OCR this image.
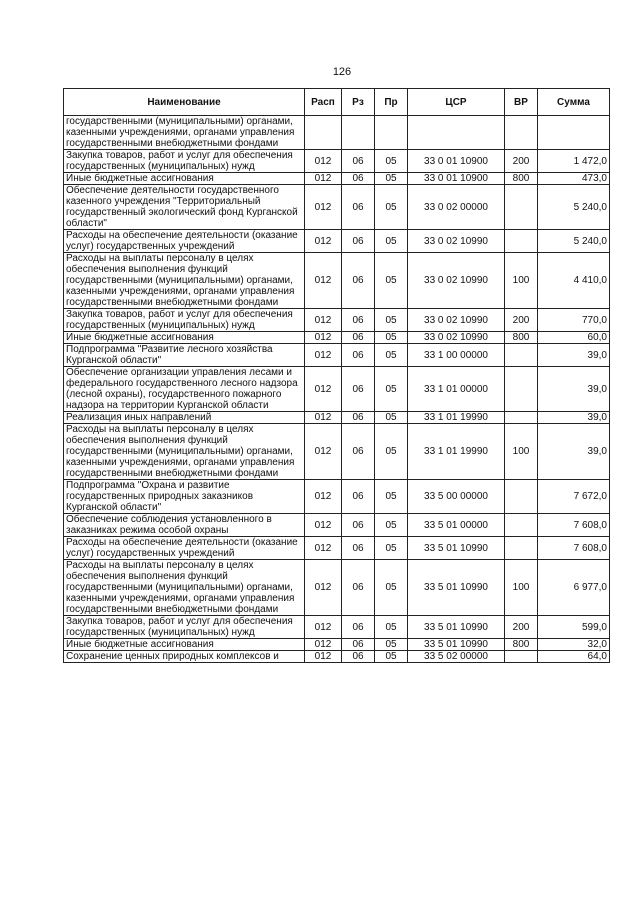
126
Наименование	Расп	Рз	Пр	ЦСР	ВР	Сумма
государственными (муниципальными) органами, казенными учреждениями, органами управления государственными внебюджетными фондами						
Закупка товаров, работ и услуг для обеспечения государственных (муниципальных) нужд	012	06	05	33 0 01 10900	200	1 472,0
Иные бюджетные ассигнования	012	06	05	33 0 01 10900	800	473,0
Обеспечение деятельности государственного казенного учреждения "Территориальный государственный экологический фонд Курганской области"	012	06	05	33 0 02 00000		5 240,0
Расходы на обеспечение деятельности (оказание услуг) государственных учреждений	012	06	05	33 0 02 10990		5 240,0
Расходы на выплаты персоналу в целях обеспечения выполнения функций государственными (муниципальными) органами, казенными учреждениями, органами управления государственными внебюджетными фондами	012	06	05	33 0 02 10990	100	4 410,0
Закупка товаров, работ и услуг для обеспечения государственных (муниципальных) нужд	012	06	05	33 0 02 10990	200	770,0
Иные бюджетные ассигнования	012	06	05	33 0 02 10990	800	60,0
Подпрограмма "Развитие лесного хозяйства Курганской области"	012	06	05	33 1 00 00000		39,0
Обеспечение организации управления лесами и федерального государственного лесного надзора (лесной охраны), государственного пожарного надзора на территории Курганской области	012	06	05	33 1 01 00000		39,0
Реализация иных направлений	012	06	05	33 1 01 19990		39,0
Расходы на выплаты персоналу в целях обеспечения выполнения функций государственными (муниципальными) органами, казенными учреждениями, органами управления государственными внебюджетными фондами	012	06	05	33 1 01 19990	100	39,0
Подпрограмма "Охрана и развитие государственных природных заказников Курганской области"	012	06	05	33 5 00 00000		7 672,0
Обеспечение соблюдения установленного в заказниках режима особой охраны	012	06	05	33 5 01 00000		7 608,0
Расходы на обеспечение деятельности (оказание услуг) государственных учреждений	012	06	05	33 5 01 10990		7 608,0
Расходы на выплаты персоналу в целях обеспечения выполнения функций государственными (муниципальными) органами, казенными учреждениями, органами управления государственными внебюджетными фондами	012	06	05	33 5 01 10990	100	6 977,0
Закупка товаров, работ и услуг для обеспечения государственных (муниципальных) нужд	012	06	05	33 5 01 10990	200	599,0
Иные бюджетные ассигнования	012	06	05	33 5 01 10990	800	32,0
Сохранение ценных природных комплексов и	012	06	05	33 5 02 00000		64,0
